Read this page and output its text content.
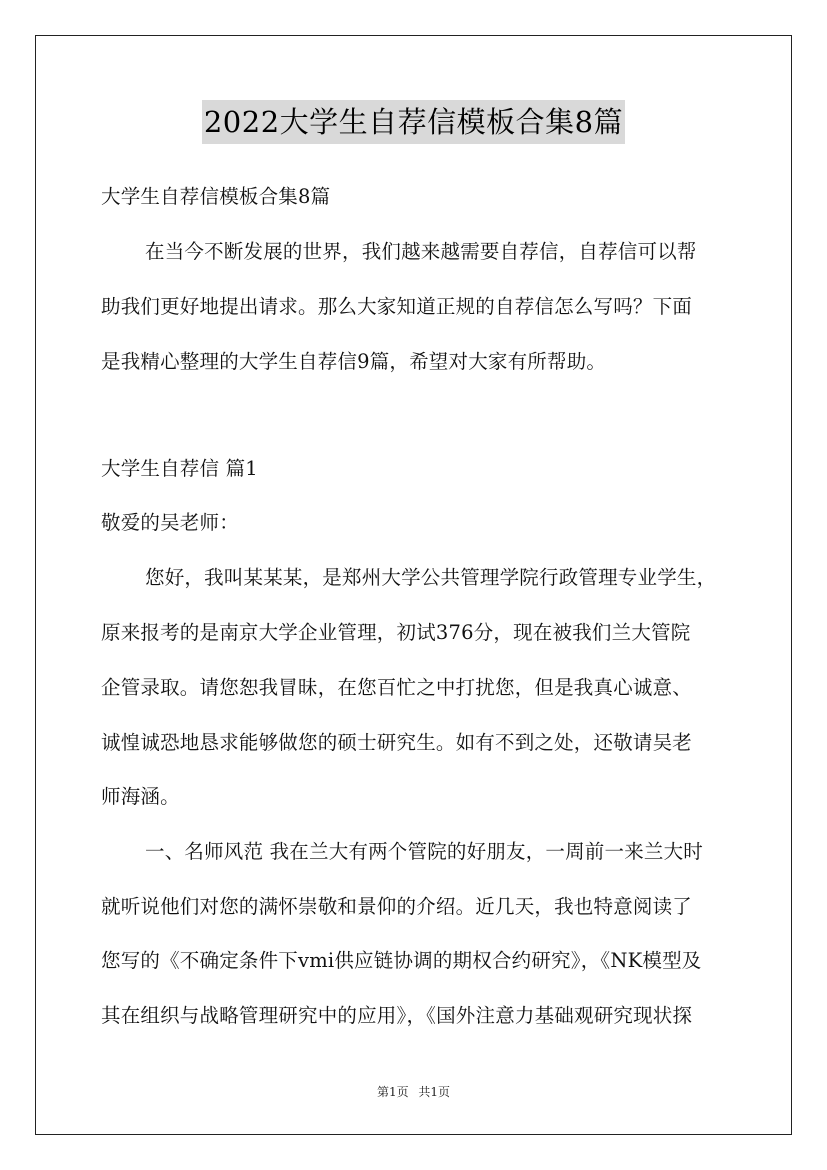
2022大学生自荐信模板合集8篇
大学生自荐信模板合集8篇
在当今不断发展的世界，我们越来越需要自荐信，自荐信可以帮
助我们更好地提出请求。那么大家知道正规的自荐信怎么写吗？下面
是我精心整理的大学生自荐信9篇，希望对大家有所帮助。
大学生自荐信 篇1
敬爱的吴老师：
您好，我叫某某某，是郑州大学公共管理学院行政管理专业学生，
原来报考的是南京大学企业管理，初试376分，现在被我们兰大管院
企管录取。请您恕我冒昧，在您百忙之中打扰您，但是我真心诚意、
诚惶诚恐地恳求能够做您的硕士研究生。如有不到之处，还敬请吴老
师海涵。
一、名师风范 我在兰大有两个管院的好朋友，一周前一来兰大时
就听说他们对您的满怀崇敬和景仰的介绍。近几天，我也特意阅读了
您写的《不确定条件下vmi供应链协调的期权合约研究》，《NK模型及
其在组织与战略管理研究中的应用》，《国外注意力基础观研究现状探
第1页 共1页
